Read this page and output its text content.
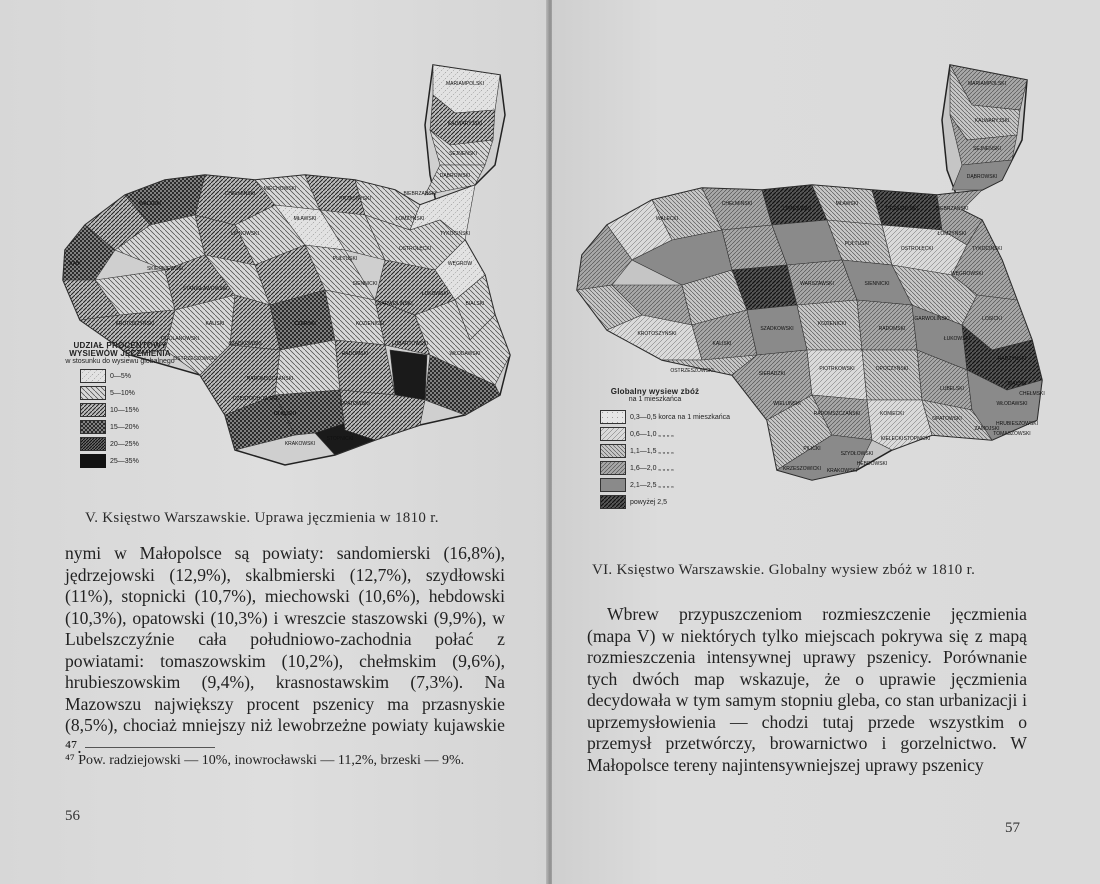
MARIAMPOLSKI
KALWARYJSKI
SEJNEŃSKI
DĄBROWSKI
BIEBRZAŃSKI
CHEŁMIŃSKI
MIECHOWSKI
PRZASNYSKI
ŁOMŻYŃSKI
WALECKI
LIPNOWSKI
MŁAWSKI
PUŁTUSKI
OSTROŁĘCKI
WĘGROW
BABI
SIENNICKI
STANISŁAWOWSKI
KROTOSZYŃSKI
ODOLANOWSKI
KALISKI
SZADKOWSKI
CZERSKI	KOZIENICKI
LUBARTOWSKI
WŁODAWSKI
RADOMSKI
OSTRZESZOWSKI
RADOMSZCZAŃSKI
CZĘSTOCHOWSKI
OPATOWSKI
KRAKOWSKI
STOPNICKI
BIALSKI
TYKOCIŃSKI
ŁUKOWSKI
GARWOLIŃSKI
OLKUSKI
SKIERNIEWSKI
UDZIAŁ PROCENTOWY WYSIEWÓW JĘCZMIENIA
w stosunku do wysiewu globalnego
0—5%
5—10%
10—15%
15—20%
20—25%
25—35%
V. Księstwo Warszawskie. Uprawa jęczmienia w 1810 r.

nymi w Małopolsce są powiaty: sandomierski (16,8%), jędrzejowski (12,9%), skalbmierski (12,7%), szydłowski (11%), stopnicki (10,7%), miechowski (10,6%), hebdowski (10,3%), opatowski (10,3%) i wreszcie staszowski (9,9%), w Lubelszczyźnie cała południowo-zachodnia połać z powiatami: tomaszowskim (10,2%), chełmskim (9,6%), hrubieszowskim (9,4%), krasnostawskim (7,3%). Na Mazowszu największy procent pszenicy ma przasnyskie (8,5%), chociaż mniejszy niż lewobrzeżne powiaty kujawskie ⁴⁷.

⁴⁷ Pow. radziejowski — 10%, inowrocławski — 11,2%, brzeski — 9%.
56
MARIAMPOLSKI
KALWARYJSKI
SEJNEŃSKI
DĄBROWSKI
BIEBRZAŃSKI
CHEŁMIŃSKI
WALECKI
LIPNOWSKI
MŁAWSKI
PRZASNYSKI
ŁOMŻYŃSKI
TYKOCIŃSKI
PUŁTUSKI
OSTROŁĘCKI
WĘGROWSKI
WARSZAWSKI	SIENNICKI
LOSICKI
GARWOLIŃSKI
ŁUKOWSKI
RADZYŃSKI
BIALSKI
WŁODAWSKI
RADOMSKI
KOZIENICKI
LUBELSKI
KROTOSZYŃSKI
KALISKI
SZADKOWSKI
OSTRZESZOWSKI	SIERADZKI
PIOTRKOWSKI	OPOCZYŃSKI
WIELUŃSKI
RADOMSZCZAŃSKI	KONIECKI
OPATOWSKI
KIELECKI
PILICKI
SZYDŁOWSKI
KRZESZOWICKI KRAKOWSKI
STOPNICKI
HEBDOWSKI
ZAMOJSKI
HRUBIESZOWSKI
TOMASZOWSKI
CHEŁMSKI
Globalny wysiew zbóż
na 1 mieszkańca
0,3—0,5 korca na 1 mieszkańca
0,6—1,0 „ „ „ „
1,1—1,5 „ „ „ „
1,6—2,0 „ „ „ „
2,1—2,5 „ „ „ „
powyżej 2,5
VI. Księstwo Warszawskie. Globalny wysiew zbóż w 1810 r.

Wbrew przypuszczeniom rozmieszczenie jęczmienia (mapa V) w niektórych tylko miejscach pokrywa się z mapą rozmieszczenia intensywnej uprawy pszenicy. Porównanie tych dwóch map wskazuje, że o uprawie jęczmienia decydowała w tym samym stopniu gleba, co stan urbanizacji i uprzemysłowienia — chodzi tutaj przede wszystkim o przemysł przetwórczy, browarnictwo i gorzelnictwo. W Małopolsce tereny najintensywniejszej uprawy pszenicy

57
